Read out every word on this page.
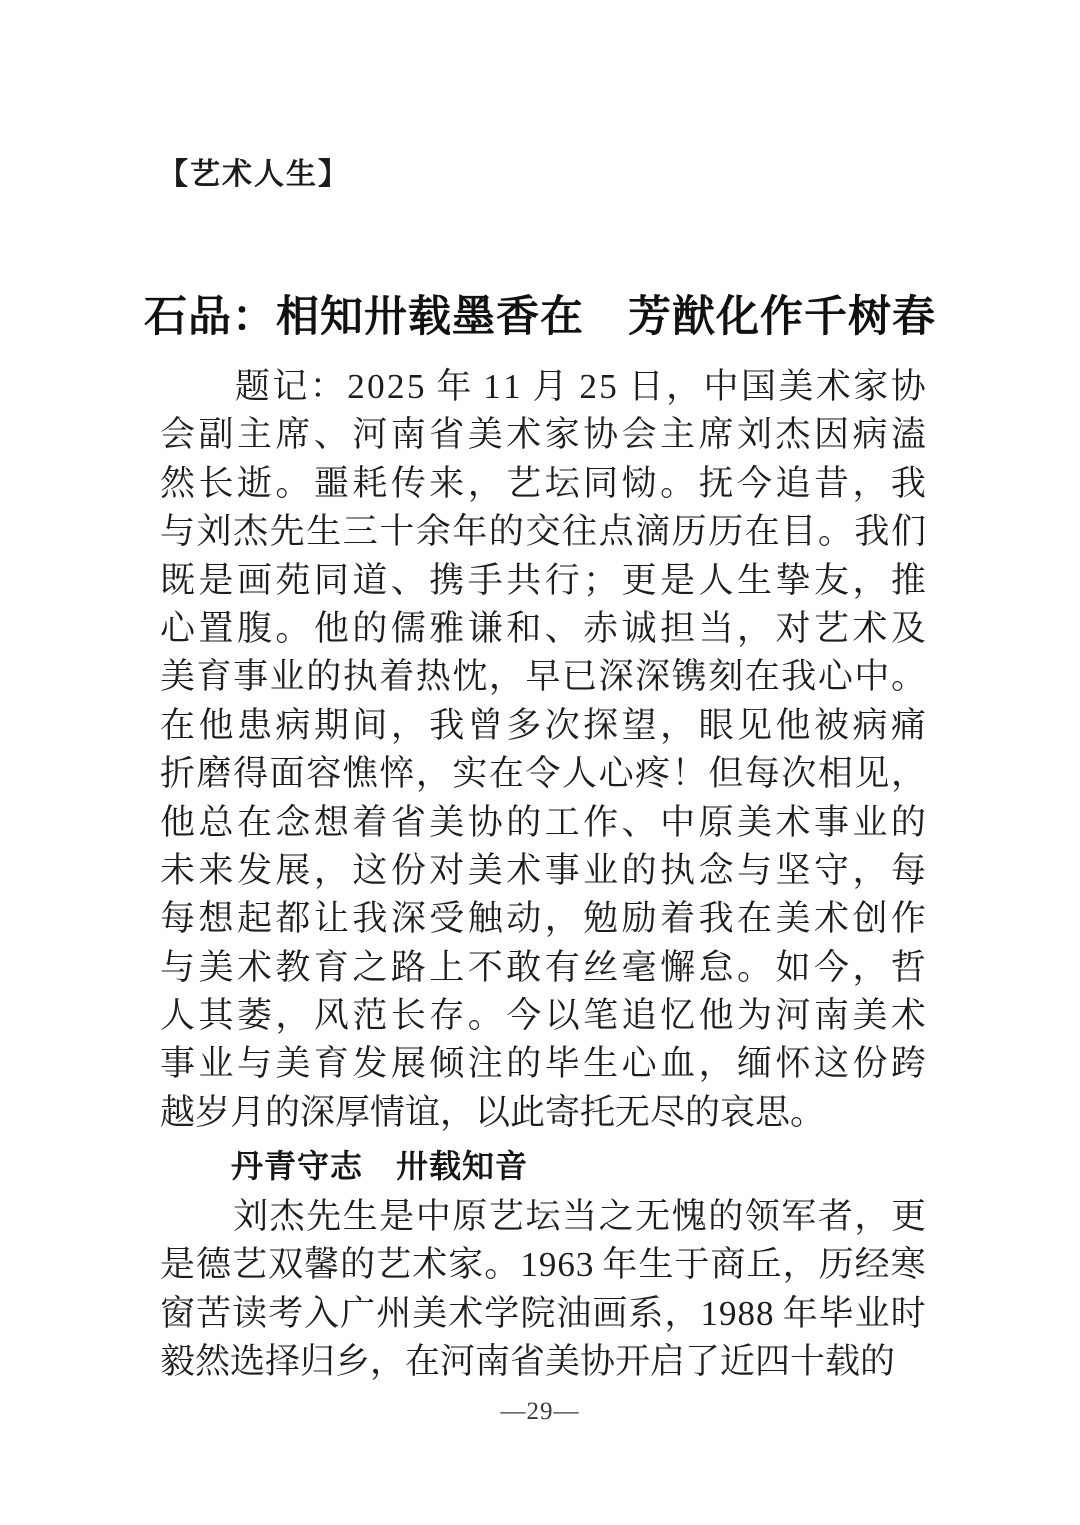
【艺术人生】
石品：相知卅载墨香在　芳猷化作千树春

题 记 ： 2 0 2 5
  年
  1 1
  月
  2 5
  日 ， 中 国 美 术 家 协
会 副 主 席 、 河 南 省 美 术 家 协 会 主 席 刘 杰 因 病 溘
然 长 逝 。 噩 耗 传 来 ， 艺 坛 同 恸 。 抚 今 追 昔 ， 我
与 刘 杰 先 生 三 十 余 年 的 交 往 点 滴 历 历 在 目 。 我 们
既 是 画 苑 同 道 、 携 手 共 行 ； 更 是 人 生 挚 友 ， 推
心 置 腹 。 他 的 儒 雅 谦 和 、 赤 诚 担 当 ， 对 艺 术 及
美 育 事 业 的 执 着 热 忱 ， 早 已 深 深 镌 刻 在 我 心 中 。
在 他 患 病 期 间 ， 我 曾 多 次 探 望 ， 眼 见 他 被 病 痛
折 磨 得 面 容 憔 悴 ， 实 在 令 人 心 疼 ！ 但 每 次 相 见 ，
他 总 在 念 想 着 省 美 协 的 工 作 、 中 原 美 术 事 业 的
未 来 发 展 ， 这 份 对 美 术 事 业 的 执 念 与 坚 守 ， 每
每 想 起 都 让 我 深 受 触 动 ， 勉 励 着 我 在 美 术 创 作
与 美 术 教 育 之 路 上 不 敢 有 丝 毫 懈 怠 。 如 今 ， 哲
人 其 萎 ， 风 范 长 存 。 今 以 笔 追 忆 他 为 河 南 美 术
事 业 与 美 育 发 展 倾 注 的 毕 生 心 血 ， 缅 怀 这 份 跨
越岁月的深厚情谊，以此寄托无尽的哀思。
丹青守志　卅载知音

刘 杰 先 生 是 中 原 艺 坛 当 之 无 愧 的 领 军 者 ， 更
是 德 艺 双 馨 的 艺 术 家 。 1 9 6 3
  年 生 于 商 丘 ， 历 经 寒
窗 苦 读 考 入 广 州 美 术 学 院 油 画 系 ， 1 9 8 8
  年 毕 业 时
毅然选择归乡，在河南省美协开启了近四十载的
—29—
